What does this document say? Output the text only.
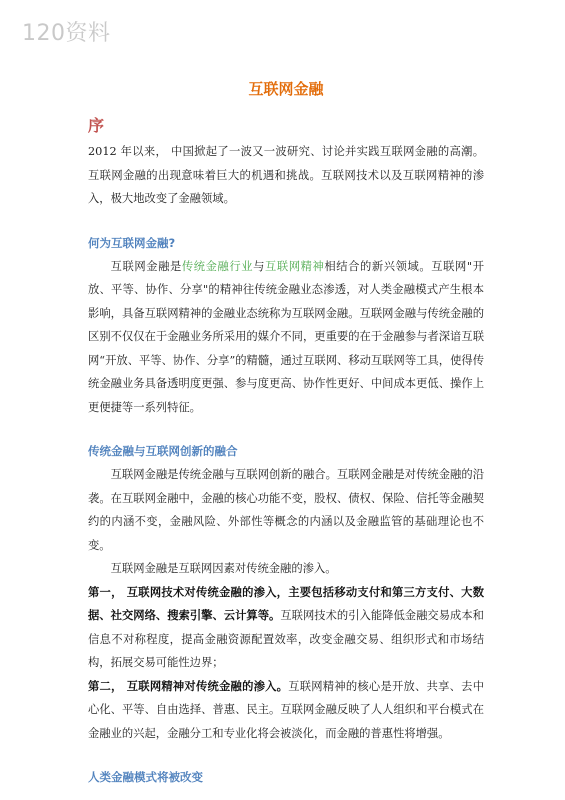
120资料
互联网金融
序

2012 年以来， 中国掀起了一波又一波研究、讨论并实践互联网金融的高潮。互联网金融的出现意味着巨大的机遇和挑战。互联网技术以及互联网精神的渗入，极大地改变了金融领域。

何为互联网金融?

互联网金融是传统金融行业与互联网精神相结合的新兴领域。互联网"开放、平等、协作、分享"的精神往传统金融业态渗透，对人类金融模式产生根本影响，具备互联网精神的金融业态统称为互联网金融。互联网金融与传统金融的区别不仅仅在于金融业务所采用的媒介不同，更重要的在于金融参与者深谙互联网“开放、平等、协作、分享”的精髓，通过互联网、移动互联网等工具，使得传统金融业务具备透明度更强、参与度更高、协作性更好、中间成本更低、操作上更便捷等一系列特征。

传统金融与互联网创新的融合

互联网金融是传统金融与互联网创新的融合。互联网金融是对传统金融的沿袭。在互联网金融中，金融的核心功能不变，股权、债权、保险、信托等金融契约的内涵不变，金融风险、外部性等概念的内涵以及金融监管的基础理论也不变。

互联网金融是互联网因素对传统金融的渗入。

第一， 互联网技术对传统金融的渗入，主要包括移动支付和第三方支付、大数据、社交网络、搜索引擎、云计算等。互联网技术的引入能降低金融交易成本和信息不对称程度，提高金融资源配置效率，改变金融交易、组织形式和市场结构，拓展交易可能性边界；

第二， 互联网精神对传统金融的渗入。互联网精神的核心是开放、共享、去中心化、平等、自由选择、普惠、民主。互联网金融反映了人人组织和平台模式在金融业的兴起，金融分工和专业化将会被淡化，而金融的普惠性将增强。

人类金融模式将被改变
